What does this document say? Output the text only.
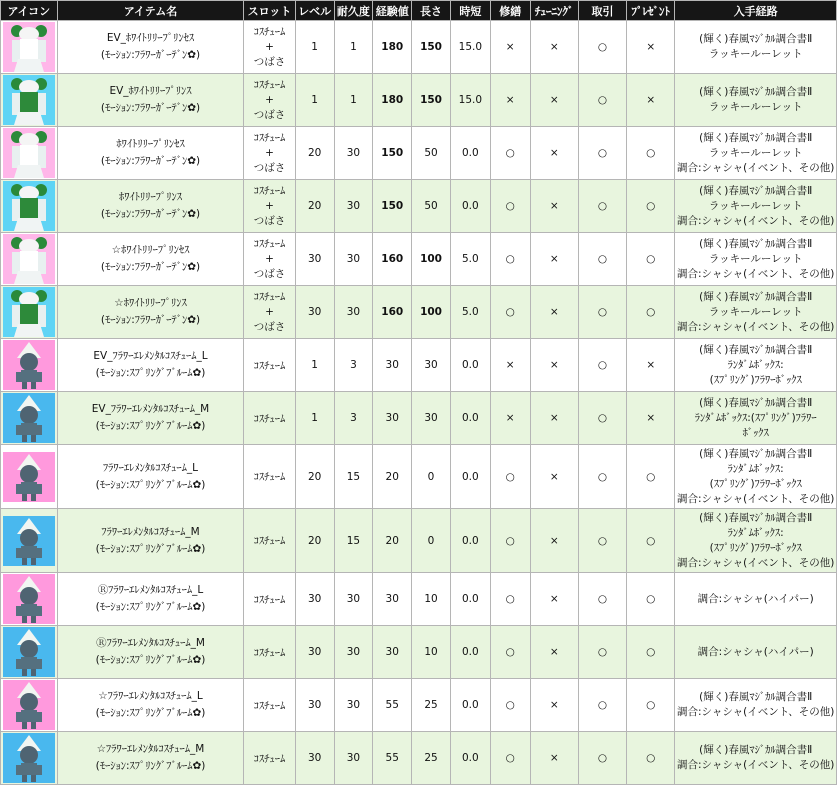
アイコン	アイテム名	スロット	レベル	耐久度	経験値	長さ	時短	修繕	ﾁｭｰﾆﾝｸﾞ	取引	ﾌﾟﾚｾﾞﾝﾄ	入手経路

EV_ﾎﾜｲﾄﾘﾘｰﾌﾟﾘﾝｾｽ
(ﾓｰｼｮﾝ:ﾌﾗﾜｰｶﾞｰﾃﾞﾝ✿)	ｺｽﾁｭｰﾑ
+
つばさ	1	1	180	150	15.0	×	×	○	×	(輝く)春風ﾏｼﾞｶﾙ調合書Ⅱ
ラッキールーレット

EV_ﾎﾜｲﾄﾘﾘｰﾌﾟﾘﾝｽ
(ﾓｰｼｮﾝ:ﾌﾗﾜｰｶﾞｰﾃﾞﾝ✿)	ｺｽﾁｭｰﾑ
+
つばさ	1	1	180	150	15.0	×	×	○	×	(輝く)春風ﾏｼﾞｶﾙ調合書Ⅱ
ラッキールーレット

ﾎﾜｲﾄﾘﾘｰﾌﾟﾘﾝｾｽ
(ﾓｰｼｮﾝ:ﾌﾗﾜｰｶﾞｰﾃﾞﾝ✿)	ｺｽﾁｭｰﾑ
+
つばさ	20	30	150	50	0.0	○	×	○	○	(輝く)春風ﾏｼﾞｶﾙ調合書Ⅱ
ラッキールーレット
調合:シャシャ(イベント、その他)

ﾎﾜｲﾄﾘﾘｰﾌﾟﾘﾝｽ
(ﾓｰｼｮﾝ:ﾌﾗﾜｰｶﾞｰﾃﾞﾝ✿)	ｺｽﾁｭｰﾑ
+
つばさ	20	30	150	50	0.0	○	×	○	○	(輝く)春風ﾏｼﾞｶﾙ調合書Ⅱ
ラッキールーレット
調合:シャシャ(イベント、その他)

☆ﾎﾜｲﾄﾘﾘｰﾌﾟﾘﾝｾｽ
(ﾓｰｼｮﾝ:ﾌﾗﾜｰｶﾞｰﾃﾞﾝ✿)	ｺｽﾁｭｰﾑ
+
つばさ	30	30	160	100	5.0	○	×	○	○	(輝く)春風ﾏｼﾞｶﾙ調合書Ⅱ
ラッキールーレット
調合:シャシャ(イベント、その他)

☆ﾎﾜｲﾄﾘﾘｰﾌﾟﾘﾝｽ
(ﾓｰｼｮﾝ:ﾌﾗﾜｰｶﾞｰﾃﾞﾝ✿)	ｺｽﾁｭｰﾑ
+
つばさ	30	30	160	100	5.0	○	×	○	○	(輝く)春風ﾏｼﾞｶﾙ調合書Ⅱ
ラッキールーレット
調合:シャシャ(イベント、その他)

EV_ﾌﾗﾜｰｴﾚﾒﾝﾀﾙｺｽﾁｭｰﾑ_L
(ﾓｰｼｮﾝ:ｽﾌﾟﾘﾝｸﾞﾌﾞﾙｰﾑ✿)	ｺｽﾁｭｰﾑ	1	3	30	30	0.0	×	×	○	×	(輝く)春風ﾏｼﾞｶﾙ調合書Ⅱ
ﾗﾝﾀﾞﾑﾎﾞｯｸｽ:
(ｽﾌﾟﾘﾝｸﾞ)ﾌﾗﾜｰﾎﾞｯｸｽ

EV_ﾌﾗﾜｰｴﾚﾒﾝﾀﾙｺｽﾁｭｰﾑ_M
(ﾓｰｼｮﾝ:ｽﾌﾟﾘﾝｸﾞﾌﾞﾙｰﾑ✿)	ｺｽﾁｭｰﾑ	1	3	30	30	0.0	×	×	○	×	(輝く)春風ﾏｼﾞｶﾙ調合書Ⅱ
ﾗﾝﾀﾞﾑﾎﾞｯｸｽ:(ｽﾌﾟﾘﾝｸﾞ)ﾌﾗﾜｰ
ﾎﾞｯｸｽ

ﾌﾗﾜｰｴﾚﾒﾝﾀﾙｺｽﾁｭｰﾑ_L
(ﾓｰｼｮﾝ:ｽﾌﾟﾘﾝｸﾞﾌﾞﾙｰﾑ✿)	ｺｽﾁｭｰﾑ	20	15	20	0	0.0	○	×	○	○	(輝く)春風ﾏｼﾞｶﾙ調合書Ⅱ
ﾗﾝﾀﾞﾑﾎﾞｯｸｽ:
(ｽﾌﾟﾘﾝｸﾞ)ﾌﾗﾜｰﾎﾞｯｸｽ
調合:シャシャ(イベント、その他)

ﾌﾗﾜｰｴﾚﾒﾝﾀﾙｺｽﾁｭｰﾑ_M
(ﾓｰｼｮﾝ:ｽﾌﾟﾘﾝｸﾞﾌﾞﾙｰﾑ✿)	ｺｽﾁｭｰﾑ	20	15	20	0	0.0	○	×	○	○	(輝く)春風ﾏｼﾞｶﾙ調合書Ⅱ
ﾗﾝﾀﾞﾑﾎﾞｯｸｽ:
(ｽﾌﾟﾘﾝｸﾞ)ﾌﾗﾜｰﾎﾞｯｸｽ
調合:シャシャ(イベント、その他)

Ⓡﾌﾗﾜｰｴﾚﾒﾝﾀﾙｺｽﾁｭｰﾑ_L
(ﾓｰｼｮﾝ:ｽﾌﾟﾘﾝｸﾞﾌﾞﾙｰﾑ✿)	ｺｽﾁｭｰﾑ	30	30	30	10	0.0	○	×	○	○	調合:シャシャ(ハイパー)

Ⓡﾌﾗﾜｰｴﾚﾒﾝﾀﾙｺｽﾁｭｰﾑ_M
(ﾓｰｼｮﾝ:ｽﾌﾟﾘﾝｸﾞﾌﾞﾙｰﾑ✿)	ｺｽﾁｭｰﾑ	30	30	30	10	0.0	○	×	○	○	調合:シャシャ(ハイパー)

☆ﾌﾗﾜｰｴﾚﾒﾝﾀﾙｺｽﾁｭｰﾑ_L
(ﾓｰｼｮﾝ:ｽﾌﾟﾘﾝｸﾞﾌﾞﾙｰﾑ✿)	ｺｽﾁｭｰﾑ	30	30	55	25	0.0	○	×	○	○	(輝く)春風ﾏｼﾞｶﾙ調合書Ⅱ
調合:シャシャ(イベント、その他)

☆ﾌﾗﾜｰｴﾚﾒﾝﾀﾙｺｽﾁｭｰﾑ_M
(ﾓｰｼｮﾝ:ｽﾌﾟﾘﾝｸﾞﾌﾞﾙｰﾑ✿)	ｺｽﾁｭｰﾑ	30	30	55	25	0.0	○	×	○	○	(輝く)春風ﾏｼﾞｶﾙ調合書Ⅱ
調合:シャシャ(イベント、その他)
